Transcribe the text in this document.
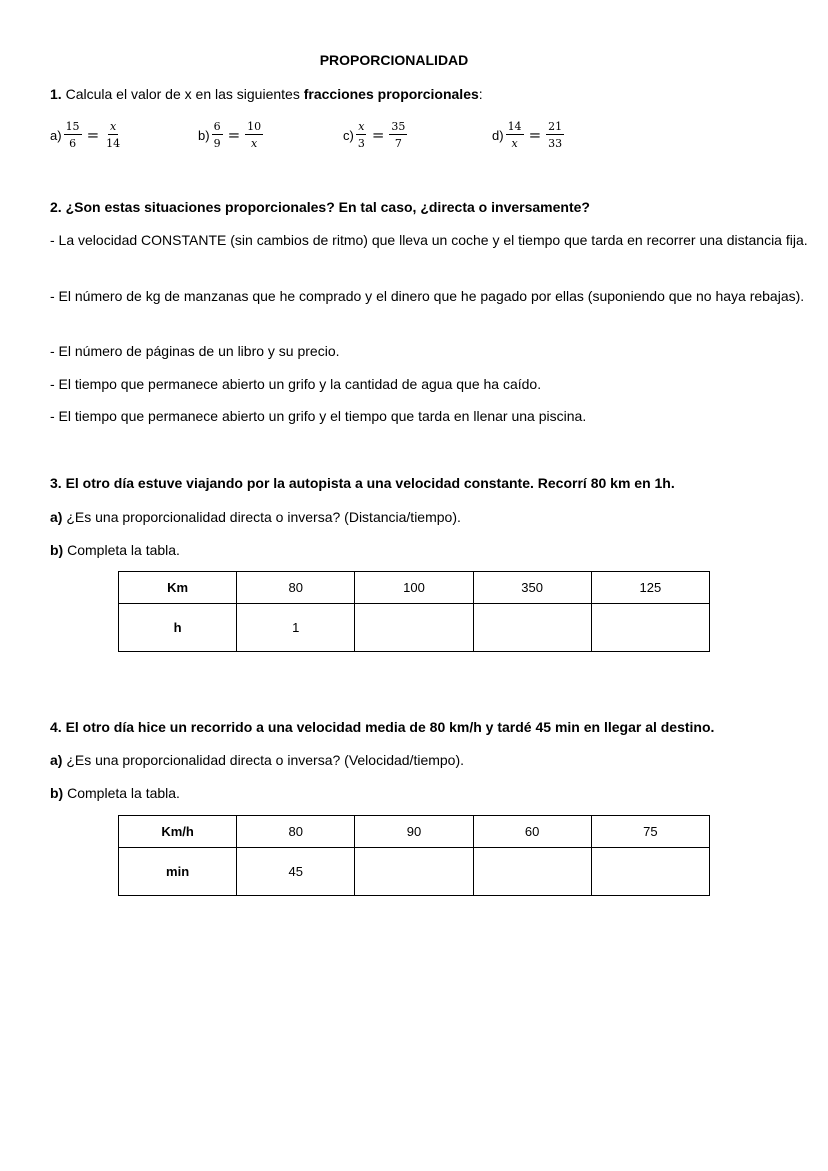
PROPORCIONALIDAD
1. Calcula el valor de x en las siguientes fracciones proporcionales:
$a) \frac{15}{6} = \frac{x}{14}$	$b) \frac{6}{9} = \frac{10}{x}$	$c) \frac{x}{3} = \frac{35}{7}$	$d) \frac{14}{x} = \frac{21}{33}$
2. ¿Son estas situaciones proporcionales? En tal caso, ¿directa o inversamente?
- La velocidad CONSTANTE (sin cambios de ritmo) que lleva un coche y el tiempo que tarda en recorrer una distancia fija.
- El número de kg de manzanas que he comprado y el dinero que he pagado por ellas (suponiendo que no haya rebajas).
- El número de páginas de un libro y su precio.
- El tiempo que permanece abierto un grifo y la cantidad de agua que ha caído.
- El tiempo que permanece abierto un grifo y el tiempo que tarda en llenar una piscina.
3. El otro día estuve viajando por la autopista a una velocidad constante. Recorrí 80 km en 1h.
a) ¿Es una proporcionalidad directa o inversa? (Distancia/tiempo).
b) Completa la tabla.
Km	80	100	350	125
h	1			
4. El otro día hice un recorrido a una velocidad media de 80 km/h y tardé 45 min en llegar al destino.
a) ¿Es una proporcionalidad directa o inversa? (Velocidad/tiempo).
b) Completa la tabla.
Km/h	80	90	60	75
min	45			
